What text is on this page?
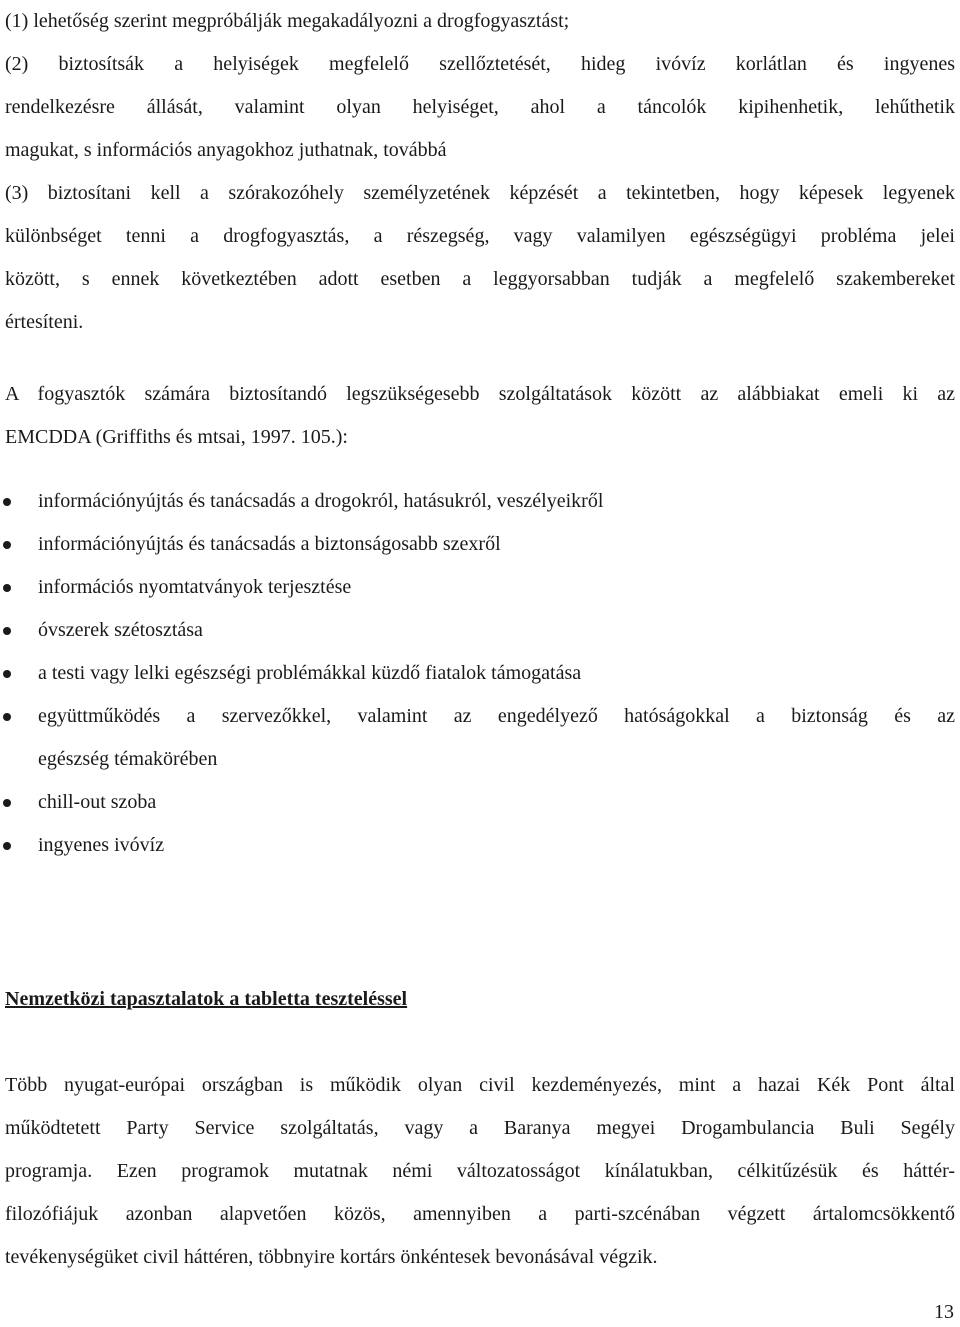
(1) lehetőség szerint megpróbálják megakadályozni a drogfogyasztást;
(2) biztosítsák a helyiségek megfelelő szellőztetését, hideg ivóvíz korlátlan és ingyenes
rendelkezésre állását, valamint olyan helyiséget, ahol a táncolók kipihenhetik, lehűthetik
magukat, s információs anyagokhoz juthatnak, továbbá
(3) biztosítani kell a szórakozóhely személyzetének képzését a tekintetben, hogy képesek legyenek
különbséget tenni a drogfogyasztás, a részegség, vagy valamilyen egészségügyi probléma jelei
között, s ennek következtében adott esetben a leggyorsabban tudják a megfelelő szakembereket
értesíteni.
A fogyasztók számára biztosítandó legszükségesebb szolgáltatások között az alábbiakat emeli ki az
EMCDDA (Griffiths és mtsai, 1997. 105.):
információnyújtás és tanácsadás a drogokról, hatásukról, veszélyeikről
információnyújtás és tanácsadás a biztonságosabb szexről
információs nyomtatványok terjesztése
óvszerek szétosztása
a testi vagy lelki egészségi problémákkal küzdő fiatalok támogatása
együttműködés a szervezőkkel, valamint az engedélyező hatóságokkal a biztonság és az
egészség témakörében
chill-out szoba
ingyenes ivóvíz
Nemzetközi tapasztalatok a tabletta teszteléssel
Több nyugat-európai országban is működik olyan civil kezdeményezés, mint a hazai Kék Pont által
működtetett Party Service szolgáltatás, vagy a Baranya megyei Drogambulancia Buli Segély
programja. Ezen programok mutatnak némi változatosságot kínálatukban, célkitűzésük és háttér-
filozófiájuk azonban alapvetően közös, amennyiben a parti-szcénában végzett ártalomcsökkentő
tevékenységüket civil háttéren, többnyire kortárs önkéntesek bevonásával végzik.
13
